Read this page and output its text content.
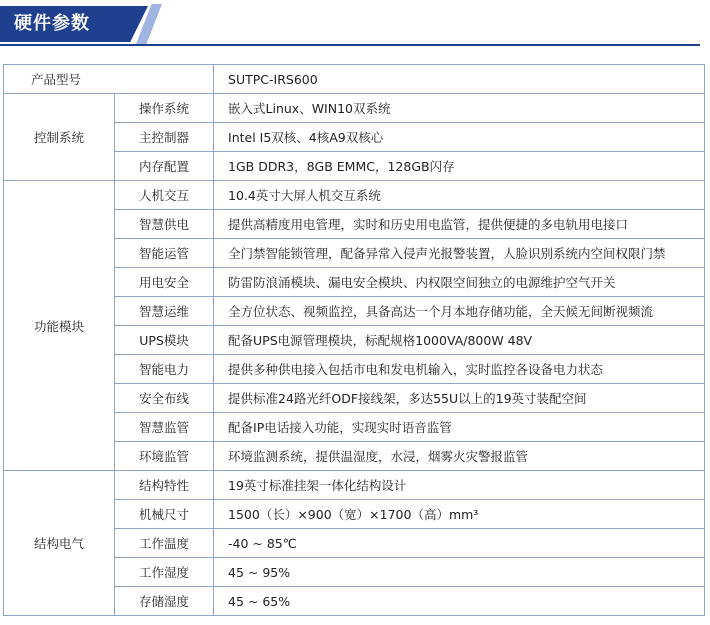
硬件参数
产品型号		SUTPC-IRS600
控制系统	操作系统	嵌入式Linux、WIN10双系统
	主控制器	Intel I5双核、4核A9双核心
	内存配置	1GB DDR3，8GB EMMC，128GB闪存
功能模块	人机交互	10.4英寸大屏人机交互系统
	智慧供电	提供高精度用电管理，实时和历史用电监管，提供便捷的多电轨用电接口
	智能运管	全门禁智能锁管理，配备异常入侵声光报警装置，人脸识别系统内空间权限门禁
	用电安全	防雷防浪涌模块、漏电安全模块、内权限空间独立的电源维护空气开关
	智慧运维	全方位状态、视频监控，具备高达一个月本地存储功能，全天候无间断视频流
	UPS模块	配备UPS电源管理模块，标配规格1000VA/800W 48V
	智能电力	提供多种供电接入包括市电和发电机输入，实时监控各设备电力状态
	安全布线	提供标准24路光纤ODF接线架，多达55U以上的19英寸装配空间
	智慧监管	配备IP电话接入功能，实现实时语音监管
	环境监管	环境监测系统，提供温湿度，水浸，烟雾火灾警报监管
结构电气	结构特性	19英寸标准挂架一体化结构设计
	机械尺寸	1500（长）×900（宽）×1700（高）mm³
	工作温度	-40 ~ 85℃
	工作湿度	45 ~ 95%
	存储湿度	45 ~ 65%
